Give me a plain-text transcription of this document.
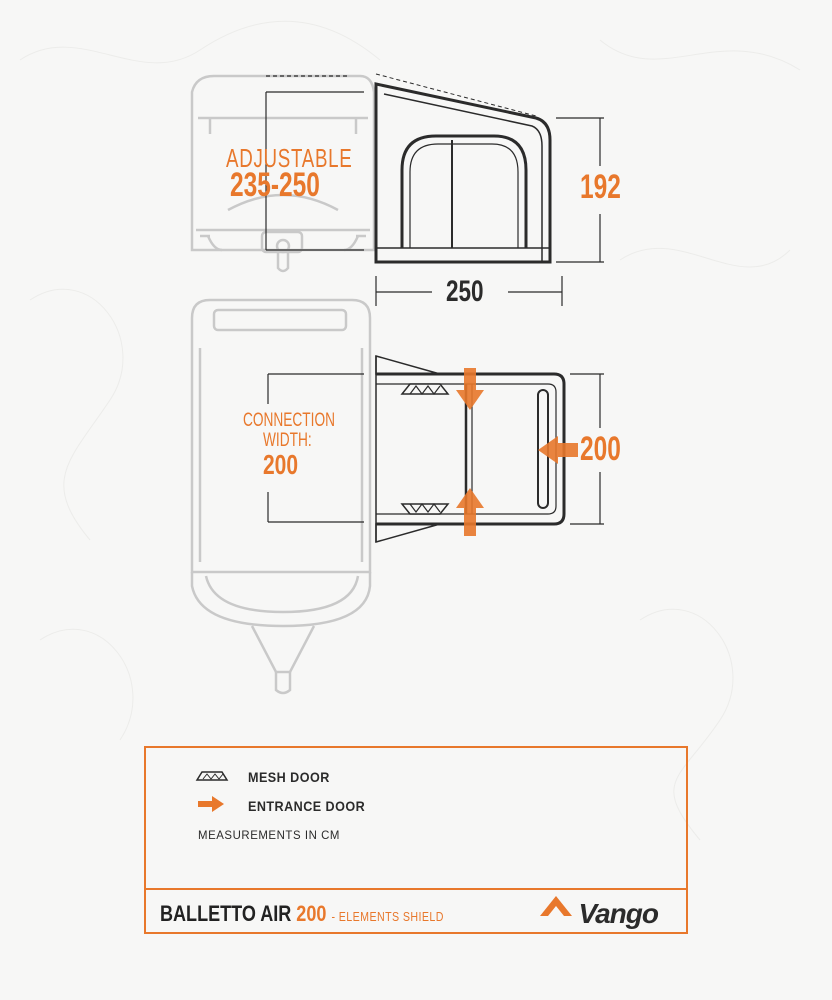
ADJUSTABLE
235-250	192
250
CONNECTION
WIDTH:
200	200
MESH DOOR
ENTRANCE DOOR
MEASUREMENTS IN CM
BALLETTO AIR 200 - ELEMENTS SHIELD	Vango
